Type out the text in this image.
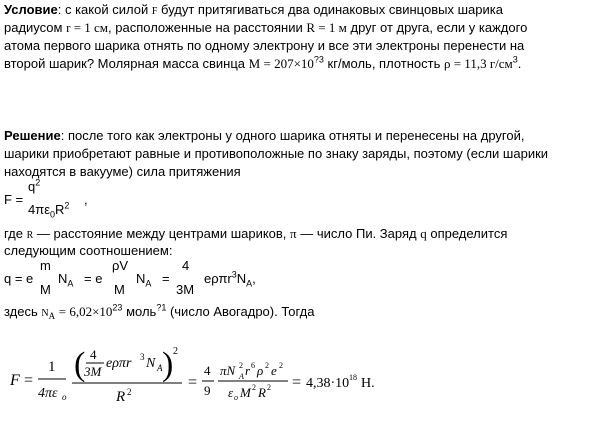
Условие: с какой силой F будут притягиваться два одинаковых свинцовых шарика
радиусом r = 1 см, расположенные на расстоянии R = 1 м друг от друга, если у каждого
атома первого шарика отнять по одному электрону и все эти электроны перенести на
второй шарик? Молярная масса свинца $M = 207\times 10^{?3}$ кг/моль, плотность ρ = 11,3 $г/см^3$.
Решение: после того как электроны у одного шарика отняты и перенесены на другой,
шарики приобретают равные и противоположные по знаку заряды, поэтому (если шарики
находятся в вакууме) сила притяжения
F =
$q^2$
$4\pi\varepsilon_0R^2$ ,
где R — расстояние между центрами шариков, π — число Пи. Заряд q определится
следующим соотношением:
q = e
m
M
$N_A = e$
ρV
M
$N_A$ =
4
3M
$e\rho\pi r^3N_A$,
здесь NA = $6,02\times 10^{23}$ моль$^{?1}$ (число Авогадро). Тогда
F =
1
4πε o
( 4
3M
eρπr 3 N A ) 2
R 2
=
4
9
πN A
2 r 6 ρ 2 e 2
ε o M 2 R 2 = 4,38·10 18 Н.
